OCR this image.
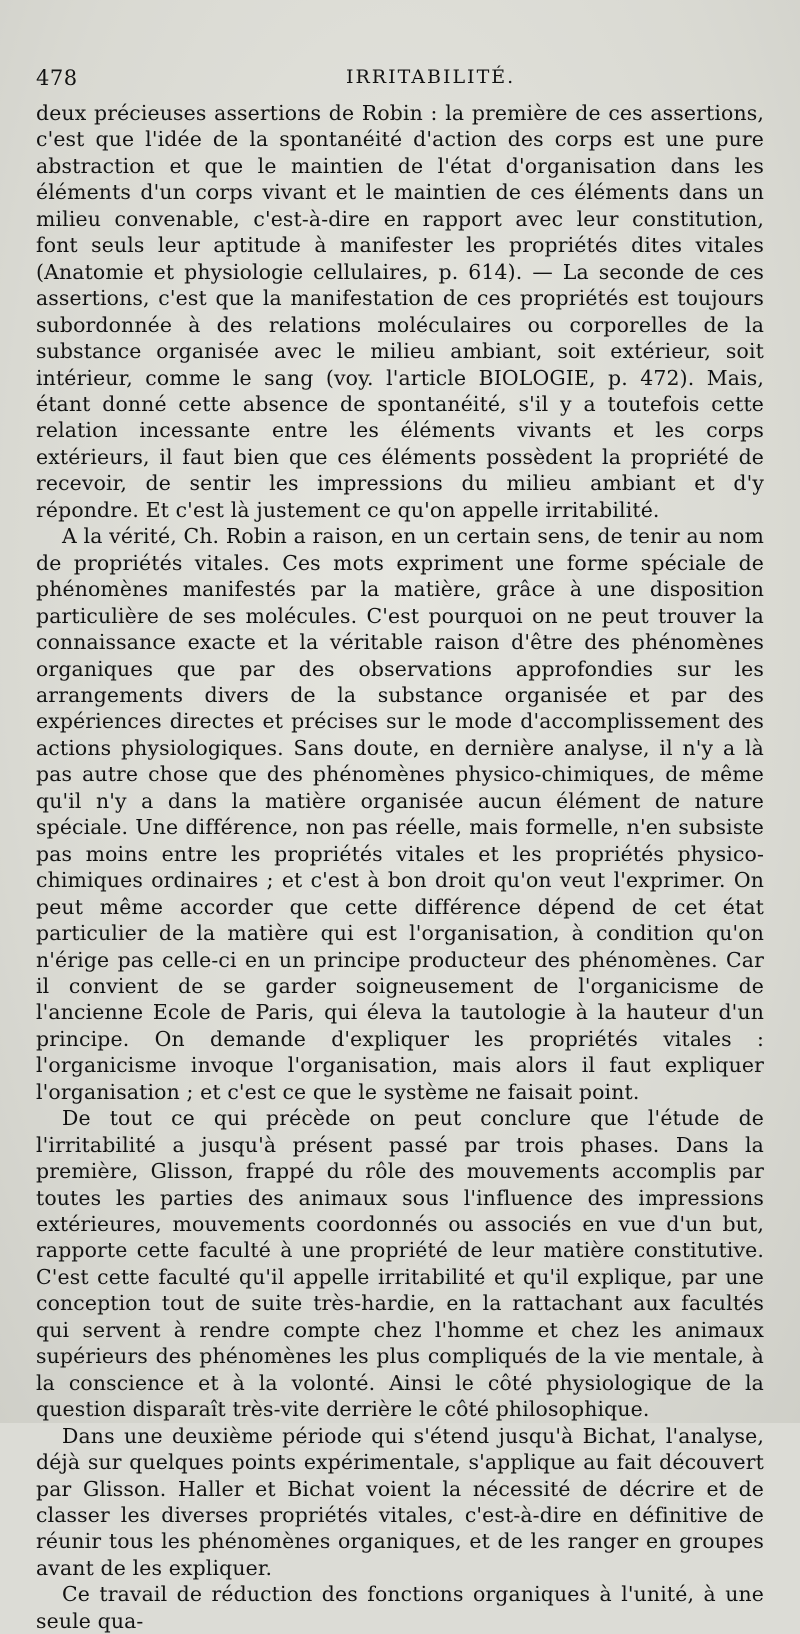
478	IRRITABILITÉ.

deux précieuses assertions de Robin : la première de ces assertions, c'est que l'idée de la spontanéité d'action des corps est une pure abstraction et que le maintien de l'état d'organisation dans les éléments d'un corps vivant et le maintien de ces éléments dans un milieu convenable, c'est-à-dire en rapport avec leur constitution, font seuls leur aptitude à manifester les propriétés dites vitales (Anatomie et physiologie cellulaires, p. 614). — La seconde de ces assertions, c'est que la manifestation de ces propriétés est toujours subordonnée à des relations moléculaires ou corporelles de la substance organisée avec le milieu ambiant, soit extérieur, soit intérieur, comme le sang (voy. l'article BIOLOGIE, p. 472). Mais, étant donné cette absence de spontanéité, s'il y a toutefois cette relation incessante entre les éléments vivants et les corps extérieurs, il faut bien que ces éléments possèdent la propriété de recevoir, de sentir les impressions du milieu ambiant et d'y répondre. Et c'est là justement ce qu'on appelle irritabilité.

A la vérité, Ch. Robin a raison, en un certain sens, de tenir au nom de propriétés vitales. Ces mots expriment une forme spéciale de phénomènes manifestés par la matière, grâce à une disposition particulière de ses molécules. C'est pourquoi on ne peut trouver la connaissance exacte et la véritable raison d'être des phénomènes organiques que par des observations approfondies sur les arrangements divers de la substance organisée et par des expériences directes et précises sur le mode d'accomplissement des actions physiologiques. Sans doute, en dernière analyse, il n'y a là pas autre chose que des phénomènes physico-chimiques, de même qu'il n'y a dans la matière organisée aucun élément de nature spéciale. Une différence, non pas réelle, mais formelle, n'en subsiste pas moins entre les propriétés vitales et les propriétés physico-chimiques ordinaires ; et c'est à bon droit qu'on veut l'exprimer. On peut même accorder que cette différence dépend de cet état particulier de la matière qui est l'organisation, à condition qu'on n'érige pas celle-ci en un principe producteur des phénomènes. Car il convient de se garder soigneusement de l'organicisme de l'ancienne Ecole de Paris, qui éleva la tautologie à la hauteur d'un principe. On demande d'expliquer les propriétés vitales : l'organicisme invoque l'organisation, mais alors il faut expliquer l'organisation ; et c'est ce que le système ne faisait point.

De tout ce qui précède on peut conclure que l'étude de l'irritabilité a jusqu'à présent passé par trois phases. Dans la première, Glisson, frappé du rôle des mouvements accomplis par toutes les parties des animaux sous l'influence des impressions extérieures, mouvements coordonnés ou associés en vue d'un but, rapporte cette faculté à une propriété de leur matière constitutive. C'est cette faculté qu'il appelle irritabilité et qu'il explique, par une conception tout de suite très-hardie, en la rattachant aux facultés qui servent à rendre compte chez l'homme et chez les animaux supérieurs des phénomènes les plus compliqués de la vie mentale, à la conscience et à la volonté. Ainsi le côté physiologique de la question disparaît très-vite derrière le côté philosophique.

Dans une deuxième période qui s'étend jusqu'à Bichat, l'analyse, déjà sur quelques points expérimentale, s'applique au fait découvert par Glisson. Haller et Bichat voient la nécessité de décrire et de classer les diverses propriétés vitales, c'est-à-dire en définitive de réunir tous les phénomènes organiques, et de les ranger en groupes avant de les expliquer.

Ce travail de réduction des fonctions organiques à l'unité, à une seule qua-
